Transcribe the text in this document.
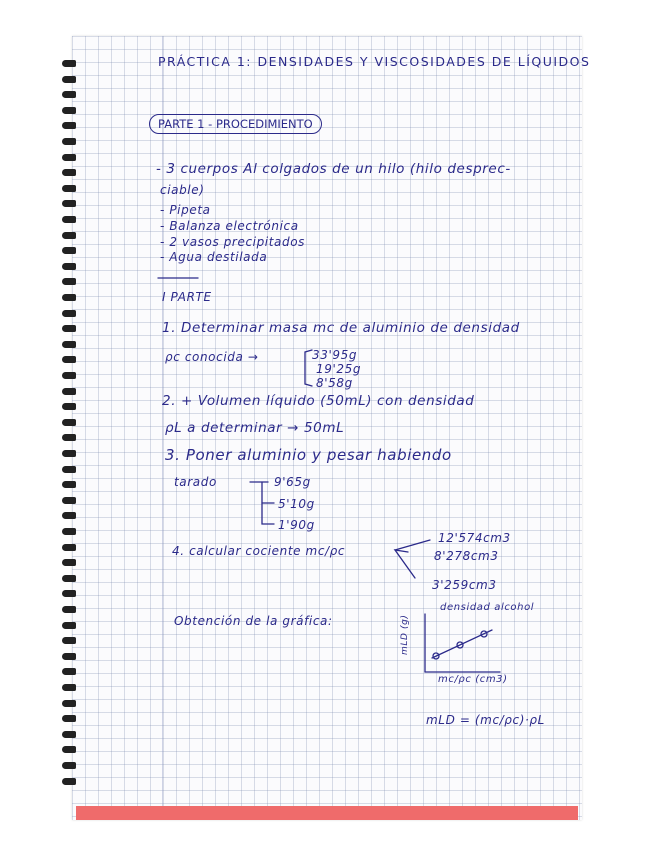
PRÁCTICA 1: DENSIDADES Y VISCOSIDADES DE LÍQUIDOS
PARTE 1 - PROCEDIMIENTO
- 3 cuerpos Al colgados de un hilo (hilo desprec-
ciable)
- Pipeta
- Balanza electrónica
- 2 vasos precipitados
- Agua destilada
I PARTE
1. Determinar masa mc de aluminio de densidad
ρc conocida →	33'95g
19'25g
8'58g
2. + Volumen líquido (50mL) con densidad
ρL a determinar → 50mL
3. Poner aluminio y pesar habiendo
tarado	9'65g
5'10g
1'90g
4. calcular cociente mc/ρc
12'574cm3
8'278cm3
3'259cm3
Obtención de la gráfica:
densidad alcohol
mLD (g)
mc/ρc (cm3)
mLD = (mc/ρc)·ρL
